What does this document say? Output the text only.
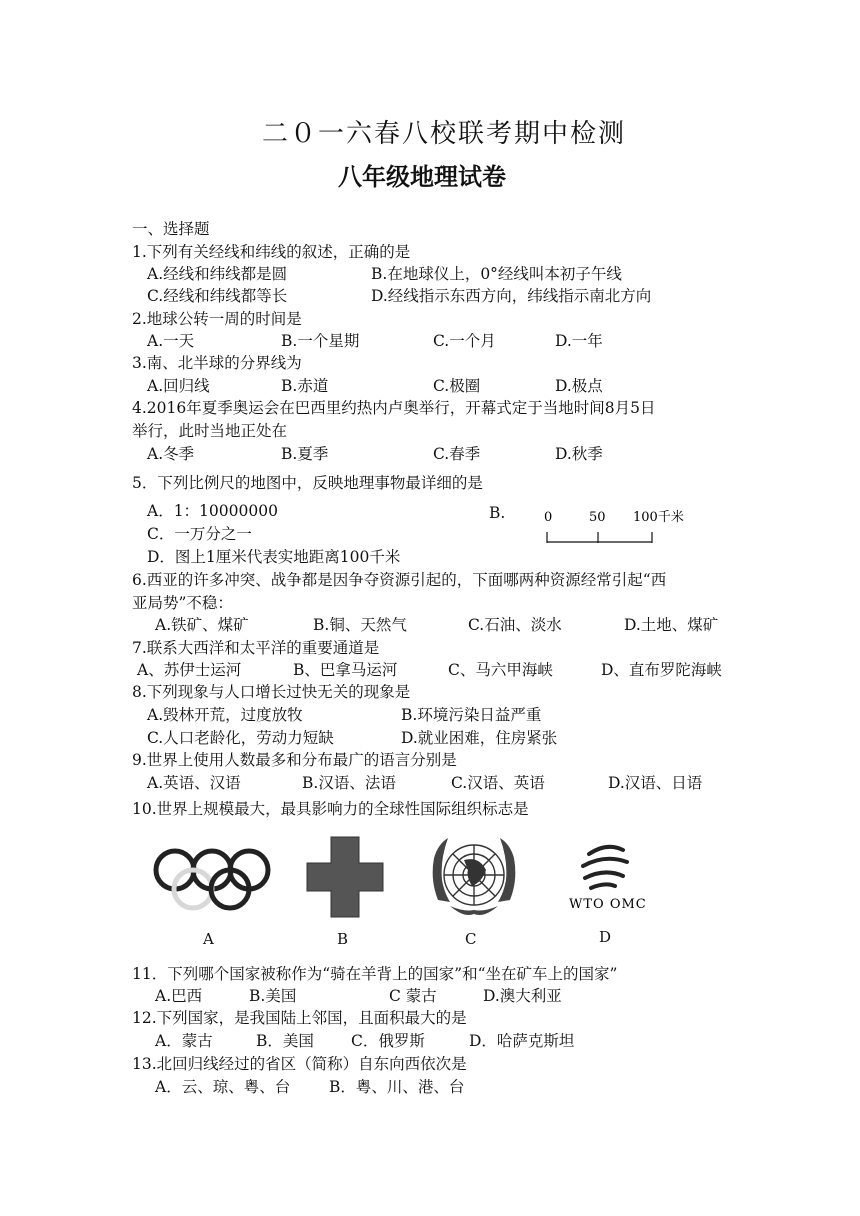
二０一六春八校联考期中检测
八年级地理试卷
一、选择题
1.下列有关经线和纬线的叙述，正确的是
A.经线和纬线都是圆	B.在地球仪上，0°经线叫本初子午线
C.经线和纬线都等长	D.经线指示东西方向，纬线指示南北方向
2.地球公转一周的时间是
A.一天	B.一个星期	C.一个月	D.一年
3.南、北半球的分界线为
A.回归线	B.赤道	C.极圈	D.极点
4.2016年夏季奥运会在巴西里约热内卢奥举行，开幕式定于当地时间8月5日
举行，此时当地正处在
A.冬季	B.夏季	C.春季	D.秋季
5．下列比例尺的地图中，反映地理事物最详细的是
A．1：10000000	B.	0	50 100千米
C．一万分之一
D．图上1厘米代表实地距离100千米
6.西亚的许多冲突、战争都是因争夺资源引起的，下面哪两种资源经常引起“西
亚局势”不稳：
A.铁矿、煤矿	B.铜、天然气	C.石油、淡水	D.土地、煤矿
7.联系大西洋和太平洋的重要通道是
A、苏伊士运河	B、巴拿马运河	C、马六甲海峡	D、直布罗陀海峡
8.下列现象与人口增长过快无关的现象是
A.毁林开荒，过度放牧	B.环境污染日益严重
C.人口老龄化，劳动力短缺	D.就业困难，住房紧张
9.世界上使用人数最多和分布最广的语言分别是
A.英语、汉语	B.汉语、法语	C.汉语、英语	D.汉语、日语
10.世界上规模最大，最具影响力的全球性国际组织标志是
A	B	C
WTO OMC
D
11．下列哪个国家被称作为“骑在羊背上的国家”和“坐在矿车上的国家”
A.巴西	B.美国	C 蒙古	D.澳大利亚
12.下列国家，是我国陆上邻国，且面积最大的是
A．蒙古	B．美国 C．俄罗斯	D．哈萨克斯坦
13.北回归线经过的省区（简称）自东向西依次是
A．云、琼、粤、台	B．粤、川、港、台
